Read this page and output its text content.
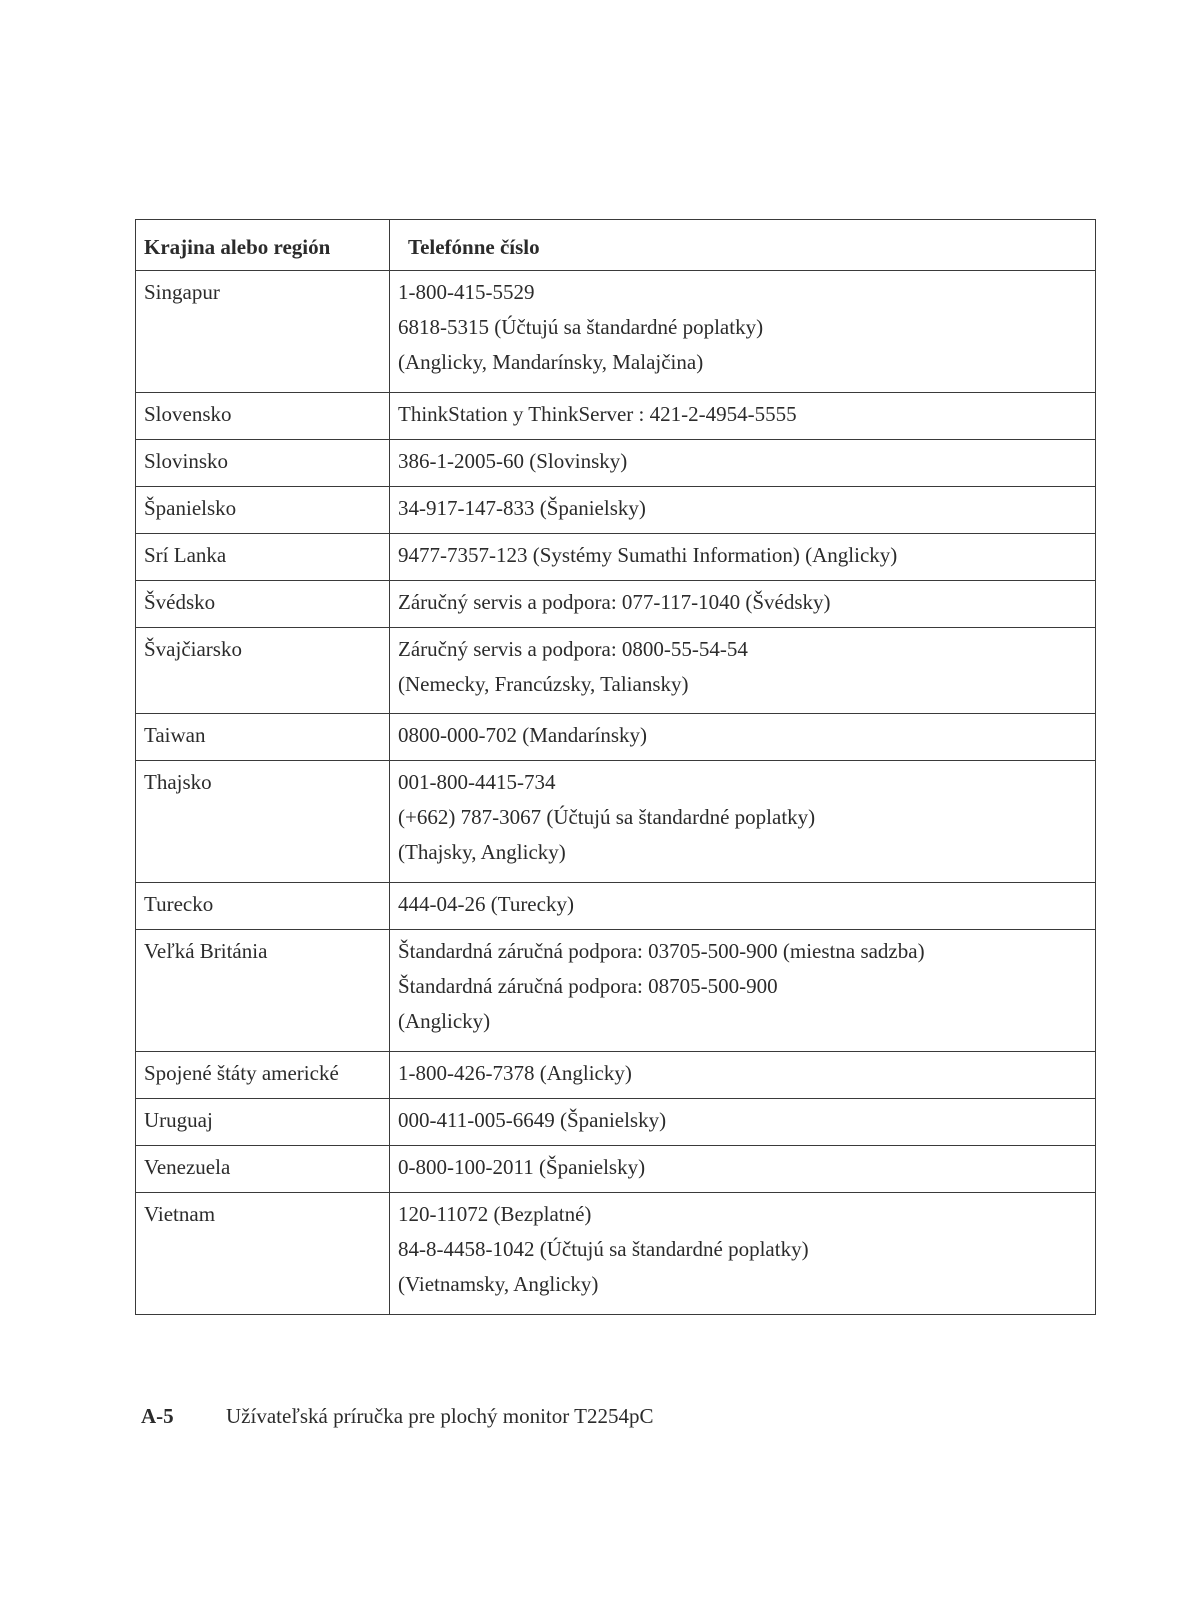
Krajina alebo región	Telefónne číslo

Singapur	1-800-415-5529
6818-5315 (Účtujú sa štandardné poplatky)
(Anglicky, Mandarínsky, Malajčina)

Slovensko	ThinkStation y ThinkServer : 421-2-4954-5555

Slovinsko	386-1-2005-60 (Slovinsky)

Španielsko	34-917-147-833 (Španielsky)

Srí Lanka	9477-7357-123 (Systémy Sumathi Information) (Anglicky)

Švédsko	Záručný servis a podpora: 077-117-1040 (Švédsky)

Švajčiarsko	Záručný servis a podpora: 0800-55-54-54
(Nemecky, Francúzsky, Taliansky)

Taiwan	0800-000-702 (Mandarínsky)

Thajsko	001-800-4415-734
(+662) 787-3067 (Účtujú sa štandardné poplatky)
(Thajsky, Anglicky)

Turecko	444-04-26 (Turecky)

Veľká Británia	Štandardná záručná podpora: 03705-500-900 (miestna sadzba)
Štandardná záručná podpora: 08705-500-900
(Anglicky)

Spojené štáty americké	1-800-426-7378 (Anglicky)

Uruguaj	000-411-005-6649 (Španielsky)

Venezuela	0-800-100-2011 (Španielsky)

Vietnam	120-11072 (Bezplatné)
84-8-4458-1042 (Účtujú sa štandardné poplatky)
(Vietnamsky, Anglicky)
A-5 Užívateľská príručka pre plochý monitor T2254pC
